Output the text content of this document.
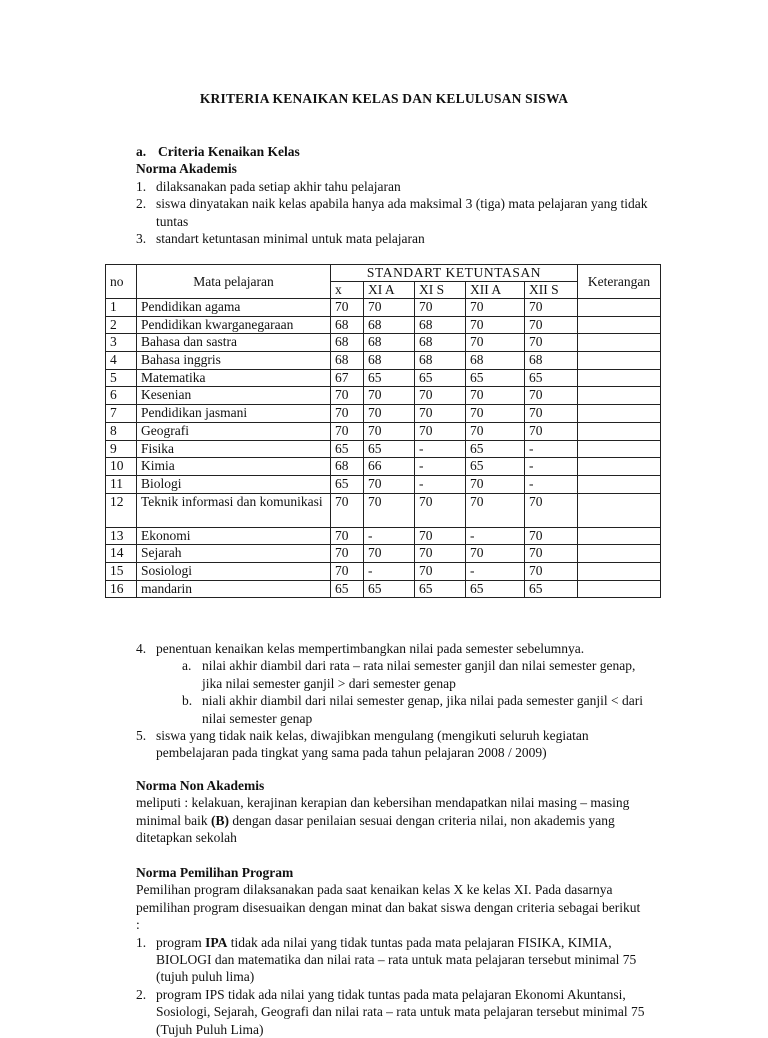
KRITERIA KENAIKAN KELAS DAN KELULUSAN SISWA
a. Criteria Kenaikan Kelas
Norma Akademis
1. dilaksanakan pada setiap akhir tahu pelajaran
2. siswa dinyatakan naik kelas apabila hanya ada maksimal 3 (tiga) mata pelajaran yang tidak tuntas
3. standart ketuntasan minimal untuk mata pelajaran
no	Mata pelajaran	STANDART KETUNTASAN					Keterangan
		x	XI A	XI S	XII A	XII S	
1	Pendidikan agama	70	70	70	70	70	
2	Pendidikan kwarganegaraan	68	68	68	70	70	
3	Bahasa dan sastra	68	68	68	70	70	
4	Bahasa inggris	68	68	68	68	68	
5	Matematika	67	65	65	65	65	
6	Kesenian	70	70	70	70	70	
7	Pendidikan jasmani	70	70	70	70	70	
8	Geografi	70	70	70	70	70	
9	Fisika	65	65	-	65	-	
10	Kimia	68	66	-	65	-	
11	Biologi	65	70	-	70	-	
12	Teknik informasi dan komunikasi	70	70	70	70	70	
13	Ekonomi	70	-	70	-	70	
14	Sejarah	70	70	70	70	70	
15	Sosiologi	70	-	70	-	70	
16	mandarin	65	65	65	65	65	
4. penentuan kenaikan kelas mempertimbangkan nilai pada semester sebelumnya.
a. nilai akhir diambil dari rata – rata nilai semester ganjil dan nilai semester genap, jika nilai semester ganjil > dari semester genap
b. niali akhir diambil dari nilai semester genap, jika nilai pada semester ganjil < dari nilai semester genap
5. siswa yang tidak naik kelas, diwajibkan mengulang (mengikuti seluruh kegiatan pembelajaran pada tingkat yang sama pada tahun pelajaran 2008 / 2009)
Norma Non Akademis
meliputi : kelakuan, kerajinan kerapian dan kebersihan mendapatkan nilai masing – masing minimal baik (B) dengan dasar penilaian sesuai dengan criteria nilai, non akademis yang ditetapkan sekolah
Norma Pemilihan Program
Pemilihan program dilaksanakan pada saat kenaikan kelas X ke kelas XI. Pada dasarnya pemilihan program disesuaikan dengan minat dan bakat siswa dengan criteria sebagai berikut :
1. program IPA tidak ada nilai yang tidak tuntas pada mata pelajaran FISIKA, KIMIA, BIOLOGI dan matematika dan nilai rata – rata untuk mata pelajaran tersebut minimal 75 (tujuh puluh lima)
2. program IPS tidak ada nilai yang tidak tuntas pada mata pelajaran Ekonomi Akuntansi, Sosiologi, Sejarah, Geografi dan nilai rata – rata untuk mata pelajaran tersebut minimal 75 (Tujuh Puluh Lima)
